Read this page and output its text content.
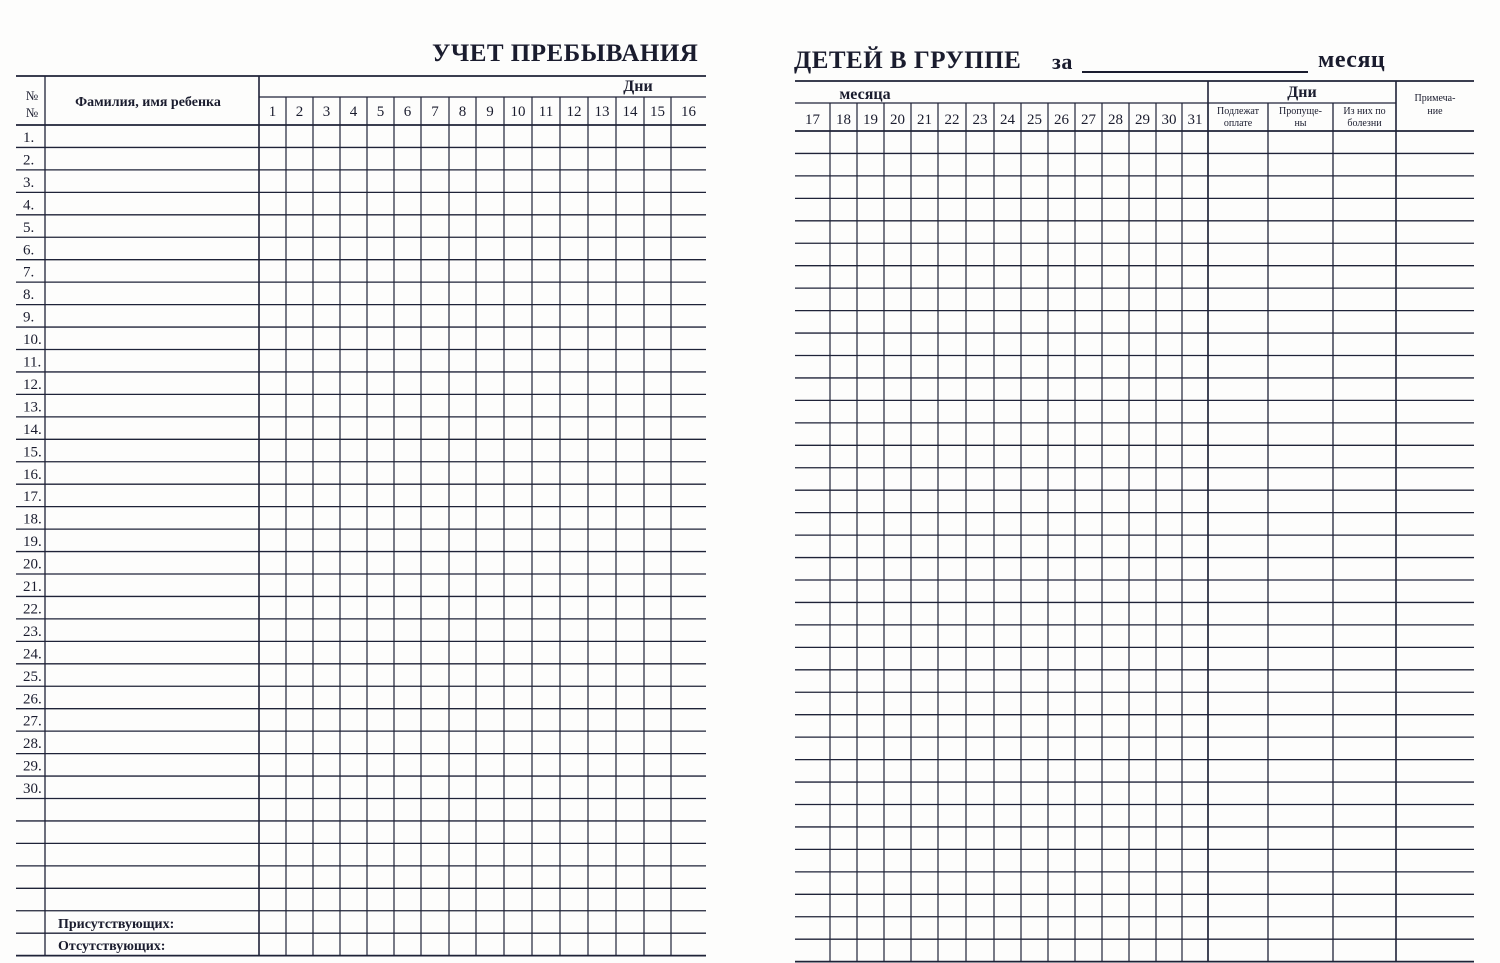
УЧЕТ ПРЕБЫВАНИЯ
№
№
Фамилия, имя ребенка
Дни
1 2 3 4 5 6 7 8 9 10 11 12 13 14 15 16
1.
2.
3.
4.
5.
6.
7.
8.
9.
10.
11.
12.
13.
14.
15.
16.
17.
18.
19.
20.
21.
22.
23.
24.
25.
26.
27.
28.
29.
30.
Присутствующих:
Отсутствующих:
ДЕТЕЙ В ГРУППЕ за	месяц
месяца	Дни
17 18 19 20 21 22 23 24 25 26 27 28 29 30 31
Подлежат
оплате
Пропуще-
ны
Из них по
болезни
Примеча-
ние
